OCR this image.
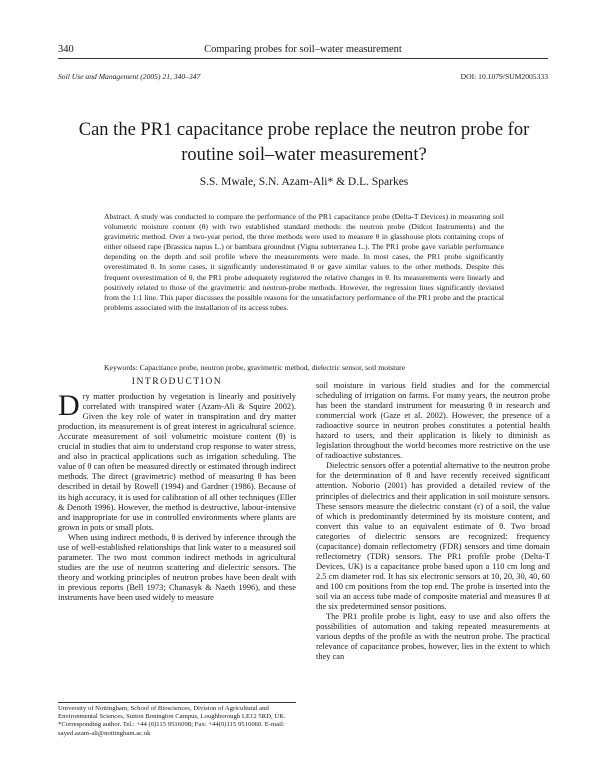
340	Comparing probes for soil–water measurement
Soil Use and Management (2005) 21, 340–347	DOI: 10.1079/SUM2005333
Can the PR1 capacitance probe replace the neutron probe for routine soil–water measurement?
S.S. Mwale, S.N. Azam-Ali* & D.L. Sparkes
Abstract. A study was conducted to compare the performance of the PR1 capacitance probe (Delta-T Devices) in measuring soil volumetric moisture content (θ) with two established standard methods: the neutron probe (Didcot Instruments) and the gravimetric method. Over a two-year period, the three methods were used to measure θ in glasshouse plots containing crops of either oilseed rape (Brassica napus L.) or bambara groundnut (Vigna subterranea L.). The PR1 probe gave variable performance depending on the depth and soil profile where the measurements were made. In most cases, the PR1 probe significantly overestimated θ. In some cases, it significantly underestimated θ or gave similar values to the other methods. Despite this frequent overestimation of θ, the PR1 probe adequately registered the relative changes in θ. Its measurements were linearly and positively related to those of the gravimetric and neutron-probe methods. However, the regression lines significantly deviated from the 1:1 line. This paper discusses the possible reasons for the unsatisfactory performance of the PR1 probe and the practical problems associated with the installation of its access tubes.
Keywords: Capacitance probe, neutron probe, gravimetric method, dielectric sensor, soil moisture
INTRODUCTION

Dry matter production by vegetation is linearly and positively correlated with transpired water (Azam-Ali & Squire 2002). Given the key role of water in transpiration and dry matter production, its measurement is of great interest in agricultural science. Accurate measurement of soil volumetric moisture content (θ) is crucial in studies that aim to understand crop response to water stress, and also in practical applications such as irrigation scheduling. The value of θ can often be measured directly or estimated through indirect methods. The direct (gravimetric) method of measuring θ has been described in detail by Rowell (1994) and Gardner (1986). Because of its high accuracy, it is used for calibration of all other techniques (Eller & Denoth 1996). However, the method is destructive, labour-intensive and inappropriate for use in controlled environments where plants are grown in pots or small plots.

When using indirect methods, θ is derived by inference through the use of well-established relationships that link water to a measured soil parameter. The two most common indirect methods in agricultural studies are the use of neutron scattering and dielectric sensors. The theory and working principles of neutron probes have been dealt with in previous reports (Bell 1973; Chanasyk & Naeth 1996), and these instruments have been used widely to measure

soil moisture in various field studies and for the commercial scheduling of irrigation on farms. For many years, the neutron probe has been the standard instrument for measuring θ in research and commercial work (Gaze et al. 2002). However, the presence of a radioactive source in neutron probes constitutes a potential health hazard to users, and their application is likely to diminish as legislation throughout the world becomes more restrictive on the use of radioactive substances.

Dielectric sensors offer a potential alternative to the neutron probe for the determination of θ and have recently received significant attention. Noborio (2001) has provided a detailed review of the principles of dielectrics and their application in soil moisture sensors. These sensors measure the dielectric constant (ε) of a soil, the value of which is predominantly determined by its moisture content, and convert this value to an equivalent estimate of θ. Two broad categories of dielectric sensors are recognized: frequency (capacitance) domain reflectometry (FDR) sensors and time domain reflectometry (TDR) sensors. The PR1 profile probe (Delta-T Devices, UK) is a capacitance probe based upon a 110 cm long and 2.5 cm diameter rod. It has six electronic sensors at 10, 20, 30, 40, 60 and 100 cm positions from the top end. The probe is inserted into the soil via an access tube made of composite material and measures θ at the six predetermined sensor positions.

The PR1 profile probe is light, easy to use and also offers the possibilities of automation and taking repeated measurements at various depths of the profile as with the neutron probe. The practical relevance of capacitance probes, however, lies in the extent to which they can

University of Nottingham, School of Biosciences, Division of Agricultural and Environmental Sciences, Sutton Bonington Campus, Loughborough LE12 5RD, UK.

*Corresponding author. Tel.: +44 (0)115 9516098; Fax: +44(0)115 9516060. E-mail: sayed.azam-ali@nottingham.ac.uk
